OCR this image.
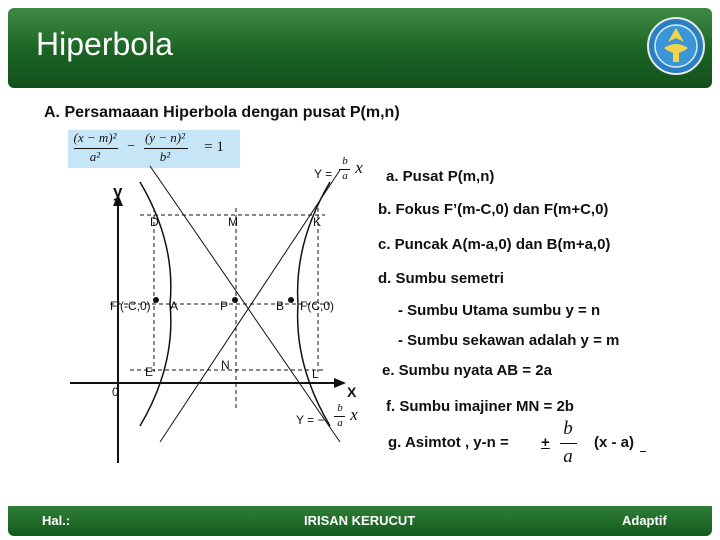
Hiperbola
A. Persamaaan Hiperbola dengan pusat P(m,n)
(x − m)²
a²
−
(y − n)²
b²
= 1
Y =
b
a x
Y = −
b
a x
y
X
0
D	M	K
F’(-C,0) A	P	B F(C,0)
E	N
L
a. Pusat P(m,n)
b. Fokus F’(m-C,0) dan F(m+C,0)
c. Puncak A(m-a,0) dan B(m+a,0)
d. Sumbu semetri
- Sumbu Utama sumbu y = n
- Sumbu sekawan adalah y = m
e. Sumbu nyata AB = 2a
f. Sumbu imajiner MN = 2b
g. Asimtot , y-n = +
b
a
(x - a)
Hal.:	IRISAN KERUCUT	Adaptif
